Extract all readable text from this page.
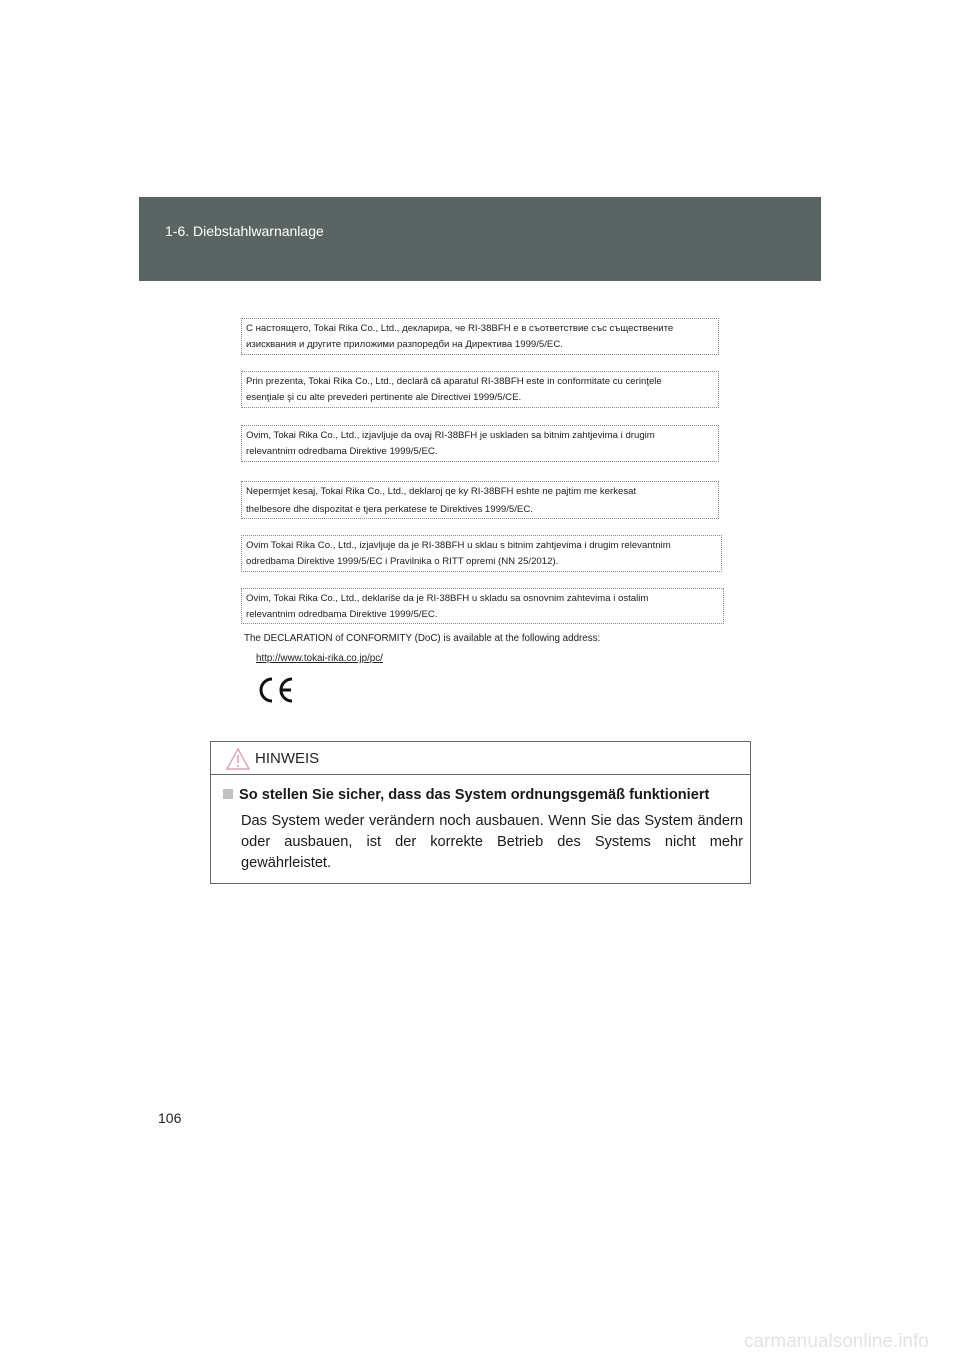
1-6. Diebstahlwarnanlage
С настоящето, Tokai Rika Co., Ltd., декларира, че RI-38BFH е в съответствие със съществените
изисквания и другите приложими разпоредби на Директива 1999/5/ЕС.
Prin prezenta, Tokai Rika Co., Ltd., declară că aparatul RI-38BFH este in conformitate cu cerinţele
esenţiale şi cu alte prevederi pertinente ale Directivei 1999/5/CE.
Ovim, Tokai Rika Co., Ltd., izjavljuje da ovaj RI-38BFH je uskladen sa bitnim zahtjevima i drugim
relevantnim odredbama Direktive 1999/5/EC.
Nepermjet kesaj, Tokai Rika Co., Ltd., deklaroj qe ky RI-38BFH eshte ne pajtim me kerkesat
thelbesore dhe dispozitat e tjera perkatese te Direktives 1999/5/EC.
Ovim Tokai Rika Co., Ltd., izjavljuje da je RI-38BFH u sklau s bitnim zahtjevima i drugim relevantnim
odredbama Direktive 1999/5/EC i Pravilnika o RITT opremi (NN 25/2012).
Ovim, Tokai Rika Co., Ltd., deklariše da je RI-38BFH u skladu sa osnovnim zahtevima i ostalim
relevantnim odredbama Direktive 1999/5/EC.
The DECLARATION of CONFORMITY (DoC) is available at the following address:
http://www.tokai-rika.co.jp/pc/
HINWEIS
So stellen Sie sicher, dass das System ordnungsgemäß funktioniert
Das System weder verändern noch ausbauen. Wenn Sie das System ändern oder ausbauen, ist der korrekte Betrieb des Systems nicht mehr gewährleistet.
106
carmanualsonline.info
